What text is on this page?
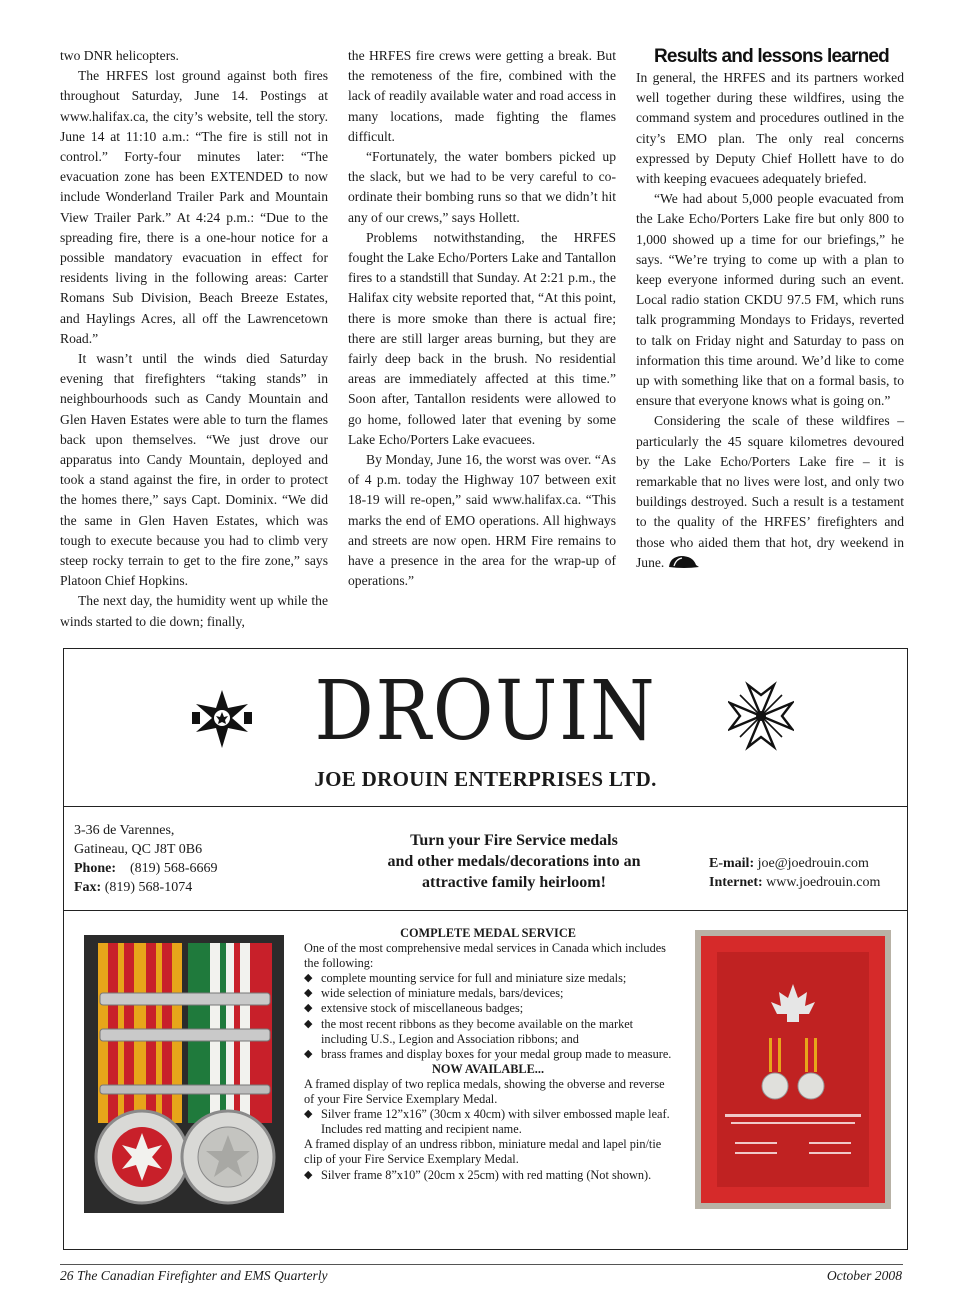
two DNR helicopters.

The HRFES lost ground against both fires throughout Saturday, June 14. Postings at www.halifax.ca, the city’s website, tell the story. June 14 at 11:10 a.m.: “The fire is still not in control.” Forty-four minutes later: “The evacuation zone has been EXTENDED to now include Wonderland Trailer Park and Mountain View Trailer Park.” At 4:24 p.m.: “Due to the spreading fire, there is a one-hour notice for a possible mandatory evacuation in effect for residents living in the following areas: Carter Romans Sub Division, Beach Breeze Estates, and Haylings Acres, all off the Lawrencetown Road.”

It wasn’t until the winds died Saturday evening that firefighters “taking stands” in neighbourhoods such as Candy Mountain and Glen Haven Estates were able to turn the flames back upon themselves. “We just drove our apparatus into Candy Mountain, deployed and took a stand against the fire, in order to protect the homes there,” says Capt. Dominix. “We did the same in Glen Haven Estates, which was tough to execute because you had to climb very steep rocky terrain to get to the fire zone,” says Platoon Chief Hopkins.

The next day, the humidity went up while the winds started to die down; finally,

the HRFES fire crews were getting a break. But the remoteness of the fire, combined with the lack of readily available water and road access in many locations, made fighting the flames difficult.

“Fortunately, the water bombers picked up the slack, but we had to be very careful to co-ordinate their bombing runs so that we didn’t hit any of our crews,” says Hollett.

Problems notwithstanding, the HRFES fought the Lake Echo/Porters Lake and Tantallon fires to a standstill that Sunday. At 2:21 p.m., the Halifax city website reported that, “At this point, there is more smoke than there is actual fire; there are still larger areas burning, but they are fairly deep back in the brush. No residential areas are immediately affected at this time.” Soon after, Tantallon residents were allowed to go home, followed later that evening by some Lake Echo/Porters Lake evacuees.

By Monday, June 16, the worst was over. “As of 4 p.m. today the Highway 107 between exit 18-19 will re-open,” said www.halifax.ca. “This marks the end of EMO operations. All highways and streets are now open. HRM Fire remains to have a presence in the area for the wrap-up of operations.”

Results and lessons learned

In general, the HRFES and its partners worked well together during these wildfires, using the command system and procedures outlined in the city’s EMO plan. The only real concerns expressed by Deputy Chief Hollett have to do with keeping evacuees adequately briefed.

“We had about 5,000 people evacuated from the Lake Echo/Porters Lake fire but only 800 to 1,000 showed up a time for our briefings,” he says. “We’re trying to come up with a plan to keep everyone informed during such an event. Local radio station CKDU 97.5 FM, which runs talk programming Mondays to Fridays, reverted to talk on Friday night and Saturday to pass on information this time around. We’d like to come up with something like that on a formal basis, to ensure that everyone knows what is going on.”

Considering the scale of these wildfires – particularly the 45 square kilometres devoured by the Lake Echo/Porters Lake fire – it is remarkable that no lives were lost, and only two buildings destroyed. Such a result is a testament to the quality of the HRFES’ firefighters and those who aided them that hot, dry weekend in June.

DROUIN
JOE DROUIN ENTERPRISES LTD.
3-36 de Varennes,
Gatineau, QC J8T 0B6
Phone: (819) 568-6669
Fax: (819) 568-1074
Turn your Fire Service medals
and other medals/decorations into an
attractive family heirloom!
E-mail: joe@joedrouin.com
Internet: www.joedrouin.com
COMPLETE MEDAL SERVICE

One of the most comprehensive medal services in Canada which includes the following:

◆ complete mounting service for full and miniature size medals;
◆ wide selection of miniature medals, bars/devices;
◆ extensive stock of miscellaneous badges;
◆ the most recent ribbons as they become available on the market including U.S., Legion and Association ribbons; and
◆ brass frames and display boxes for your medal group made to measure.
NOW AVAILABLE...

A framed display of two replica medals, showing the obverse and reverse of your Fire Service Exemplary Medal.

◆ Silver frame 12”x16” (30cm x 40cm) with silver embossed maple leaf. Includes red matting and recipient name.

A framed display of an undress ribbon, miniature medal and lapel pin/tie clip of your Fire Service Exemplary Medal.

◆ Silver frame 8”x10” (20cm x 25cm) with red matting (Not shown).
26 The Canadian Firefighter and EMS Quarterly	October 2008
